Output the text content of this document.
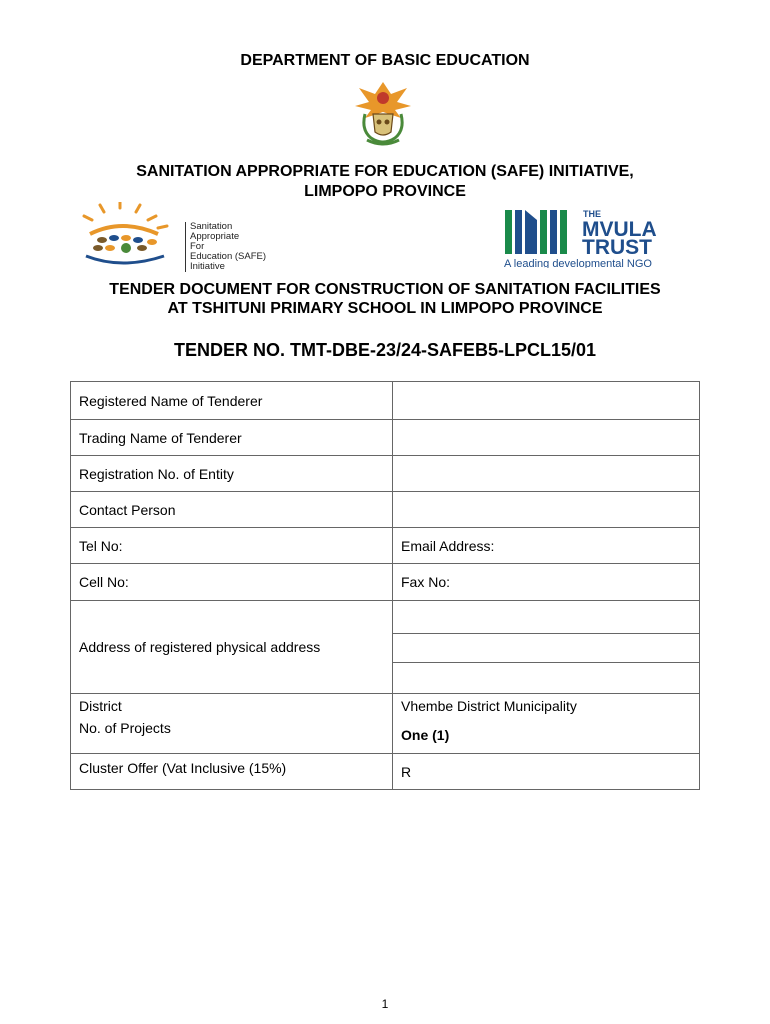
DEPARTMENT OF BASIC EDUCATION
SANITATION APPROPRIATE FOR EDUCATION (SAFE) INITIATIVE,
LIMPOPO PROVINCE
Sanitation
Appropriate
For
Education (SAFE)
Initiative
THE
MVULA
TRUST
A leading developmental NGO
TENDER DOCUMENT FOR CONSTRUCTION OF SANITATION FACILITIES
AT TSHITUNI PRIMARY SCHOOL IN LIMPOPO PROVINCE
TENDER NO. TMT-DBE-23/24-SAFEB5-LPCL15/01
Registered Name of Tenderer	
Trading Name of Tenderer	
Registration No. of Entity	
Contact Person	
Tel No:	Email Address:
Cell No:	Fax No:
Address of registered physical address	

District	Vhembe District Municipality
No. of Projects	One (1)
Cluster Offer (Vat Inclusive (15%)	R
1
